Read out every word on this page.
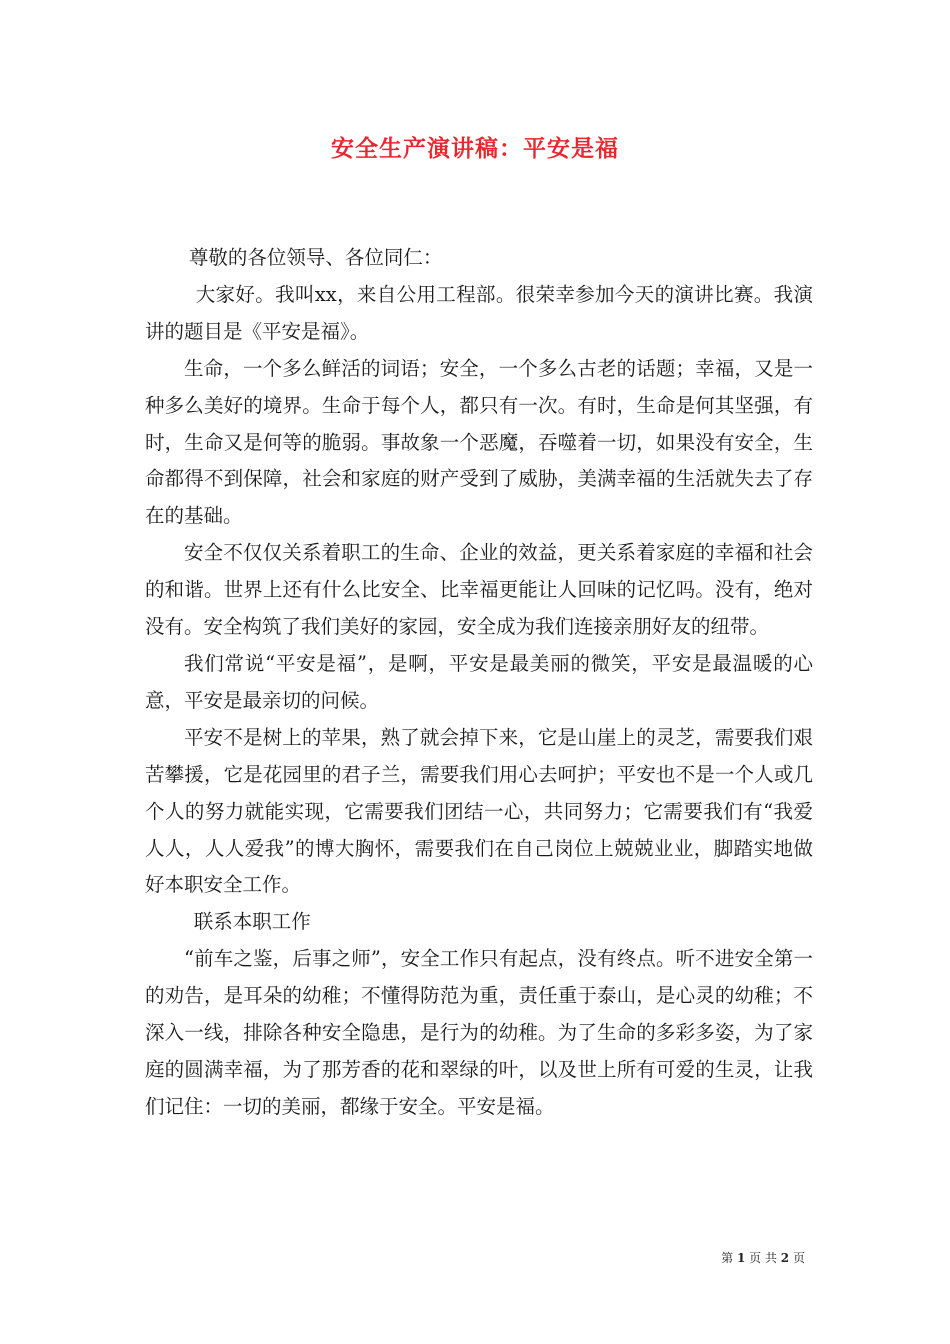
安全生产演讲稿：平安是福

尊敬的各位领导、各位同仁：

大家好。我叫xx，来自公用工程部。很荣幸参加今天的演讲比赛。我演讲的题目是《平安是福》。

生命，一个多么鲜活的词语；安全，一个多么古老的话题；幸福，又是一种多么美好的境界。生命于每个人，都只有一次。有时，生命是何其坚强，有时，生命又是何等的脆弱。事故象一个恶魔，吞噬着一切，如果没有安全，生命都得不到保障，社会和家庭的财产受到了威胁，美满幸福的生活就失去了存在的基础。

安全不仅仅关系着职工的生命、企业的效益，更关系着家庭的幸福和社会的和谐。世界上还有什么比安全、比幸福更能让人回味的记忆吗。没有，绝对没有。安全构筑了我们美好的家园，安全成为我们连接亲朋好友的纽带。

我们常说“平安是福”，是啊，平安是最美丽的微笑，平安是最温暖的心意，平安是最亲切的问候。

平安不是树上的苹果，熟了就会掉下来，它是山崖上的灵芝，需要我们艰苦攀援，它是花园里的君子兰，需要我们用心去呵护；平安也不是一个人或几个人的努力就能实现，它需要我们团结一心，共同努力；它需要我们有“我爱人人，人人爱我”的博大胸怀，需要我们在自己岗位上兢兢业业，脚踏实地做好本职安全工作。

联系本职工作

“前车之鉴，后事之师”，安全工作只有起点，没有终点。听不进安全第一的劝告，是耳朵的幼稚；不懂得防范为重，责任重于泰山，是心灵的幼稚；不深入一线，排除各种安全隐患，是行为的幼稚。为了生命的多彩多姿，为了家庭的圆满幸福，为了那芳香的花和翠绿的叶，以及世上所有可爱的生灵，让我们记住：一切的美丽，都缘于安全。平安是福。

第 1 页 共 2 页
